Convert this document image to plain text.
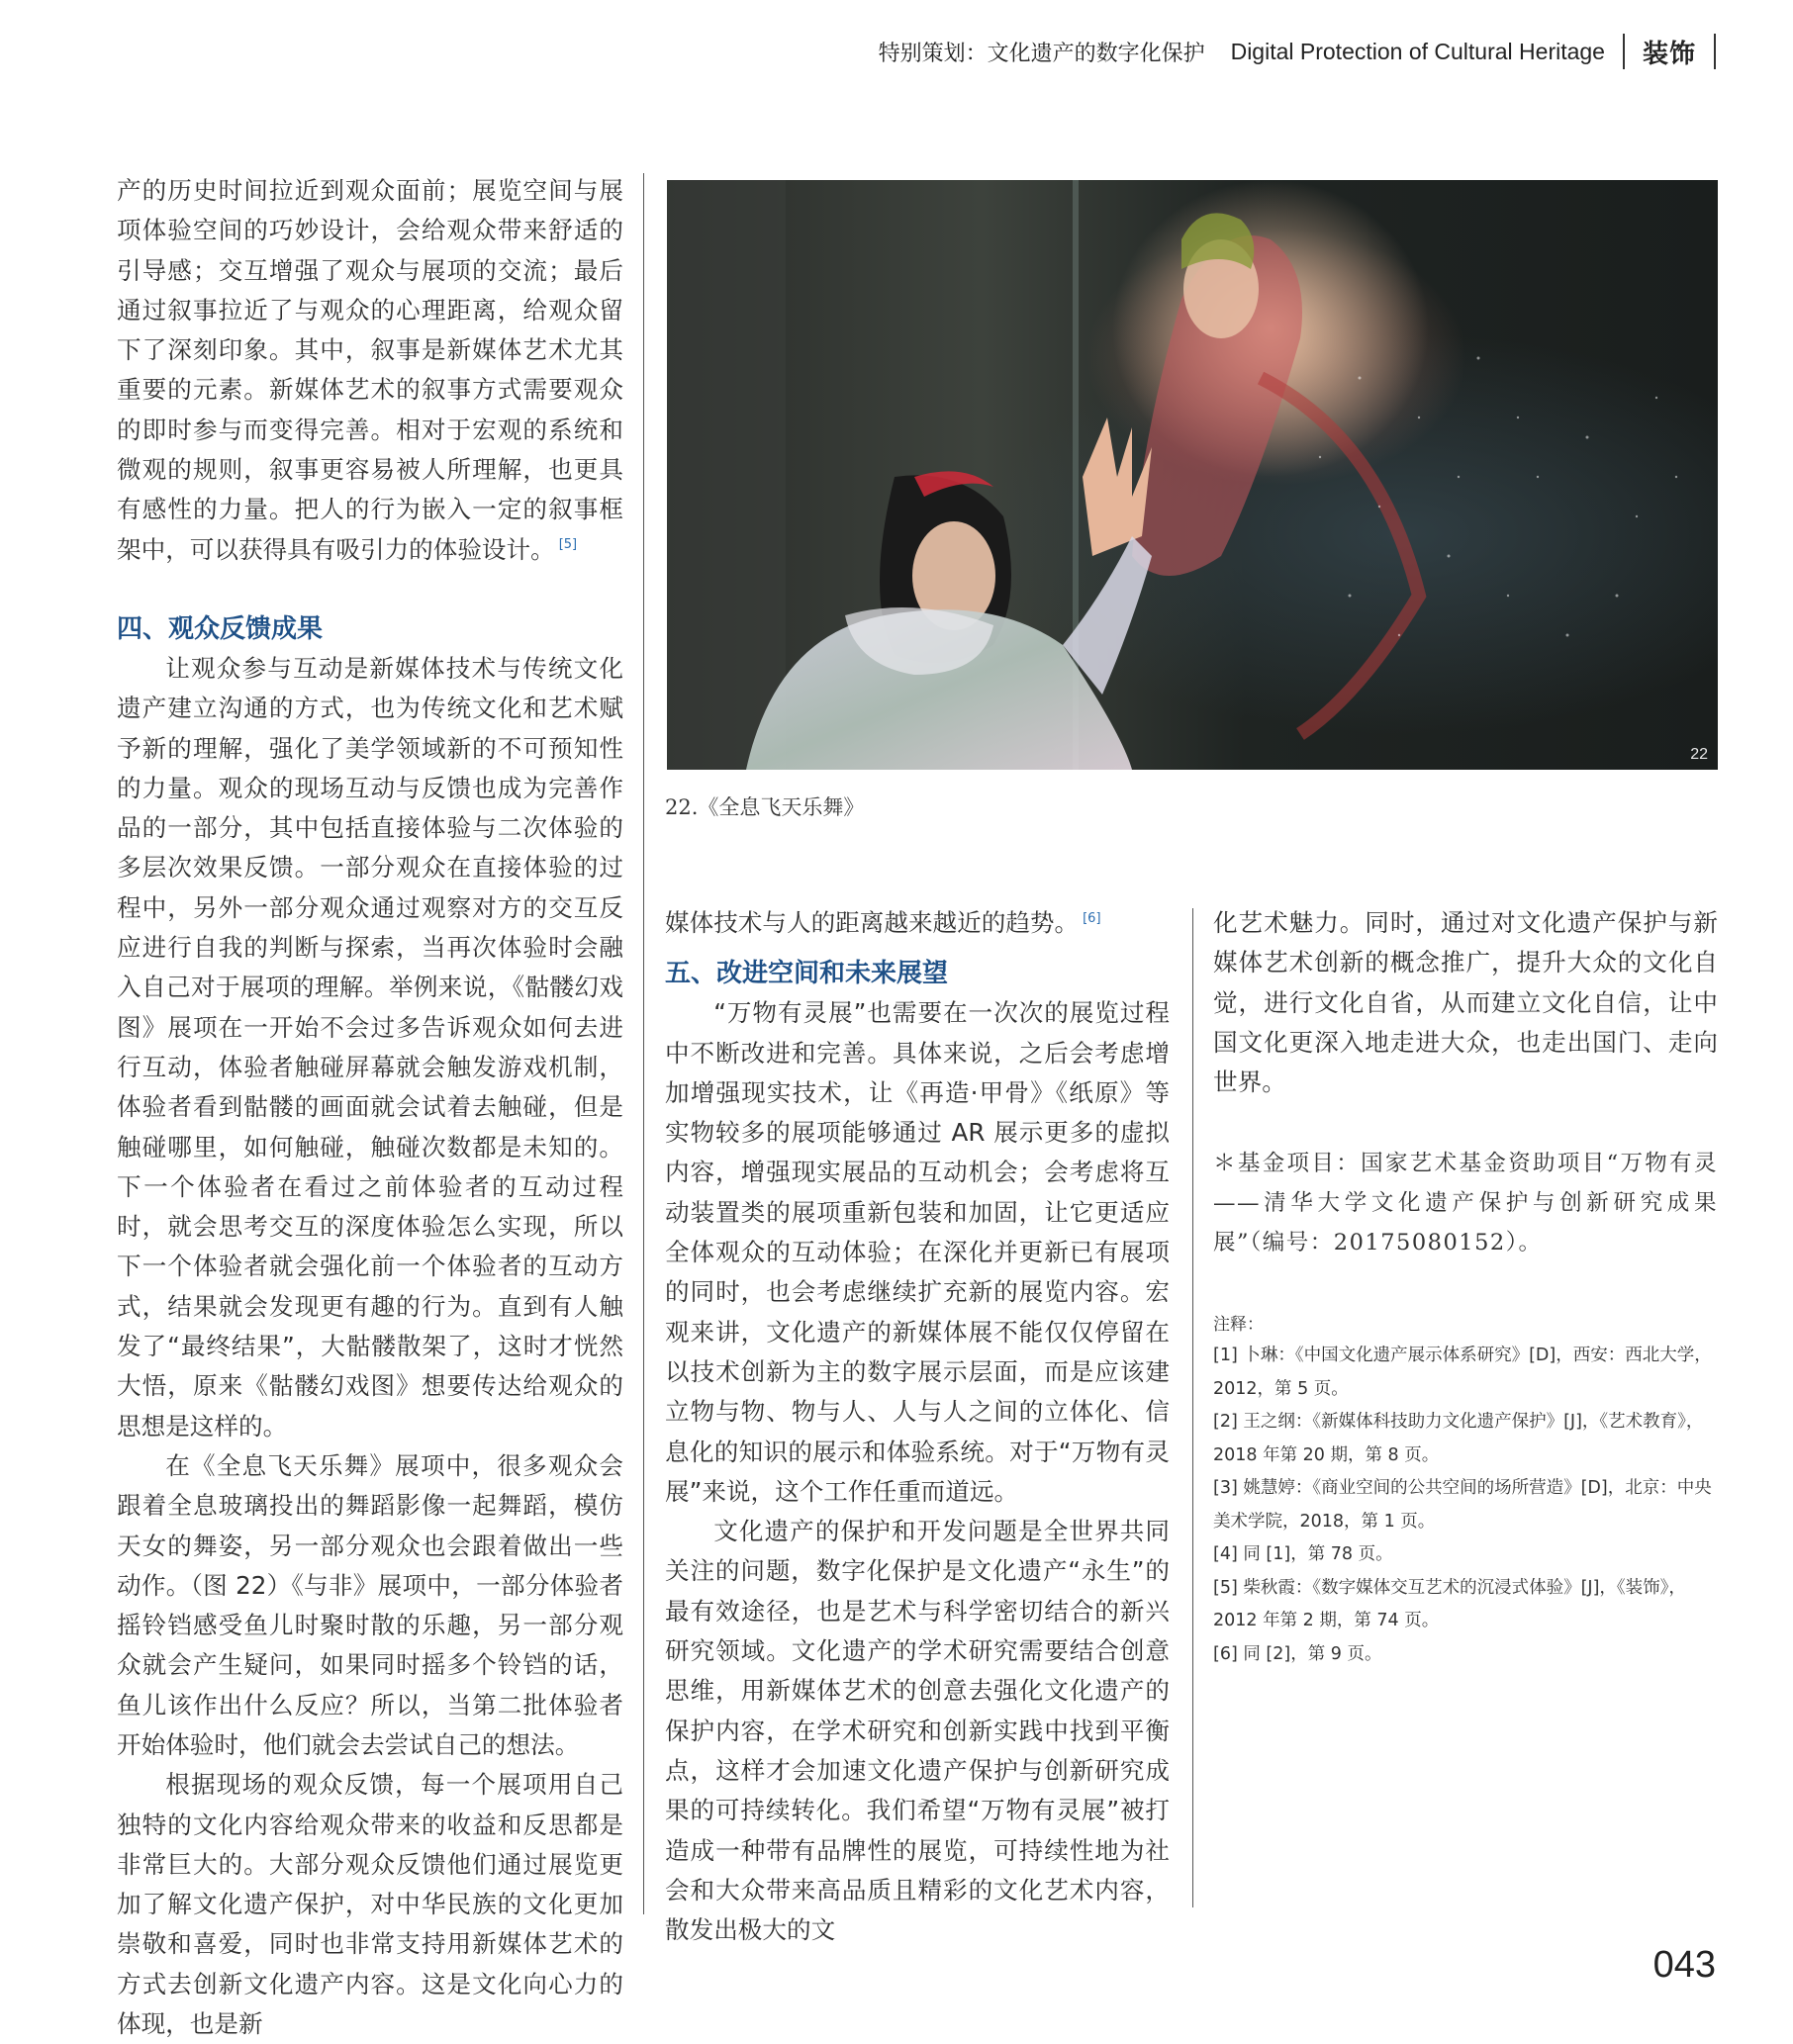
特别策划：文化遗产的数字化保护 Digital Protection of Cultural Heritage 装饰

产的历史时间拉近到观众面前；展览空间与展项体验空间的巧妙设计，会给观众带来舒适的引导感；交互增强了观众与展项的交流；最后通过叙事拉近了与观众的心理距离，给观众留下了深刻印象。其中，叙事是新媒体艺术尤其重要的元素。新媒体艺术的叙事方式需要观众的即时参与而变得完善。相对于宏观的系统和微观的规则，叙事更容易被人所理解，也更具有感性的力量。把人的行为嵌入一定的叙事框架中，可以获得具有吸引力的体验设计。 [5]

四、观众反馈成果

让观众参与互动是新媒体技术与传统文化遗产建立沟通的方式，也为传统文化和艺术赋予新的理解，强化了美学领域新的不可预知性的力量。观众的现场互动与反馈也成为完善作品的一部分，其中包括直接体验与二次体验的多层次效果反馈。一部分观众在直接体验的过程中，另外一部分观众通过观察对方的交互反应进行自我的判断与探索，当再次体验时会融入自己对于展项的理解。举例来说，《骷髅幻戏图》展项在一开始不会过多告诉观众如何去进行互动，体验者触碰屏幕就会触发游戏机制，体验者看到骷髅的画面就会试着去触碰，但是触碰哪里，如何触碰，触碰次数都是未知的。下一个体验者在看过之前体验者的互动过程时，就会思考交互的深度体验怎么实现，所以下一个体验者就会强化前一个体验者的互动方式，结果就会发现更有趣的行为。直到有人触发了“最终结果”，大骷髅散架了，这时才恍然大悟，原来《骷髅幻戏图》想要传达给观众的思想是这样的。

在《全息飞天乐舞》展项中，很多观众会跟着全息玻璃投出的舞蹈影像一起舞蹈，模仿天女的舞姿，另一部分观众也会跟着做出一些动作。（图 22）《与非》展项中，一部分体验者摇铃铛感受鱼儿时聚时散的乐趣，另一部分观众就会产生疑问，如果同时摇多个铃铛的话，鱼儿该作出什么反应？所以，当第二批体验者开始体验时，他们就会去尝试自己的想法。

根据现场的观众反馈，每一个展项用自己独特的文化内容给观众带来的收益和反思都是非常巨大的。大部分观众反馈他们通过展览更加了解文化遗产保护，对中华民族的文化更加崇敬和喜爱，同时也非常支持用新媒体艺术的方式去创新文化遗产内容。这是文化向心力的体现，也是新

22
22.《全息飞天乐舞》

媒体技术与人的距离越来越近的趋势。 [6]

五、改进空间和未来展望

“万物有灵展”也需要在一次次的展览过程中不断改进和完善。具体来说，之后会考虑增加增强现实技术，让《再造·甲骨》《纸原》等实物较多的展项能够通过 AR 展示更多的虚拟内容，增强现实展品的互动机会；会考虑将互动装置类的展项重新包装和加固，让它更适应全体观众的互动体验；在深化并更新已有展项的同时，也会考虑继续扩充新的展览内容。宏观来讲，文化遗产的新媒体展不能仅仅停留在以技术创新为主的数字展示层面，而是应该建立物与物、物与人、人与人之间的立体化、信息化的知识的展示和体验系统。对于“万物有灵展”来说，这个工作任重而道远。

文化遗产的保护和开发问题是全世界共同关注的问题，数字化保护是文化遗产“永生”的最有效途径，也是艺术与科学密切结合的新兴研究领域。文化遗产的学术研究需要结合创意思维，用新媒体艺术的创意去强化文化遗产的保护内容，在学术研究和创新实践中找到平衡点，这样才会加速文化遗产保护与创新研究成果的可持续转化。我们希望“万物有灵展”被打造成一种带有品牌性的展览，可持续性地为社会和大众带来高品质且精彩的文化艺术内容，散发出极大的文

化艺术魅力。同时，通过对文化遗产保护与新媒体艺术创新的概念推广，提升大众的文化自觉，进行文化自省，从而建立文化自信，让中国文化更深入地走进大众，也走出国门、走向世界。

＊基金项目：国家艺术基金资助项目“万物有灵——清华大学文化遗产保护与创新研究成果展”（编号：20175080152）。
注释：
[1] 卜琳：《中国文化遗产展示体系研究》[D]，西安：西北大学，2012，第 5 页。
[2] 王之纲：《新媒体科技助力文化遗产保护》[J]，《艺术教育》，2018 年第 20 期，第 8 页。
[3] 姚慧婷：《商业空间的公共空间的场所营造》[D]，北京：中央美术学院，2018，第 1 页。
[4] 同 [1]，第 78 页。
[5] 柴秋霞：《数字媒体交互艺术的沉浸式体验》[J]，《装饰》，2012 年第 2 期，第 74 页。
[6] 同 [2]，第 9 页。
043
